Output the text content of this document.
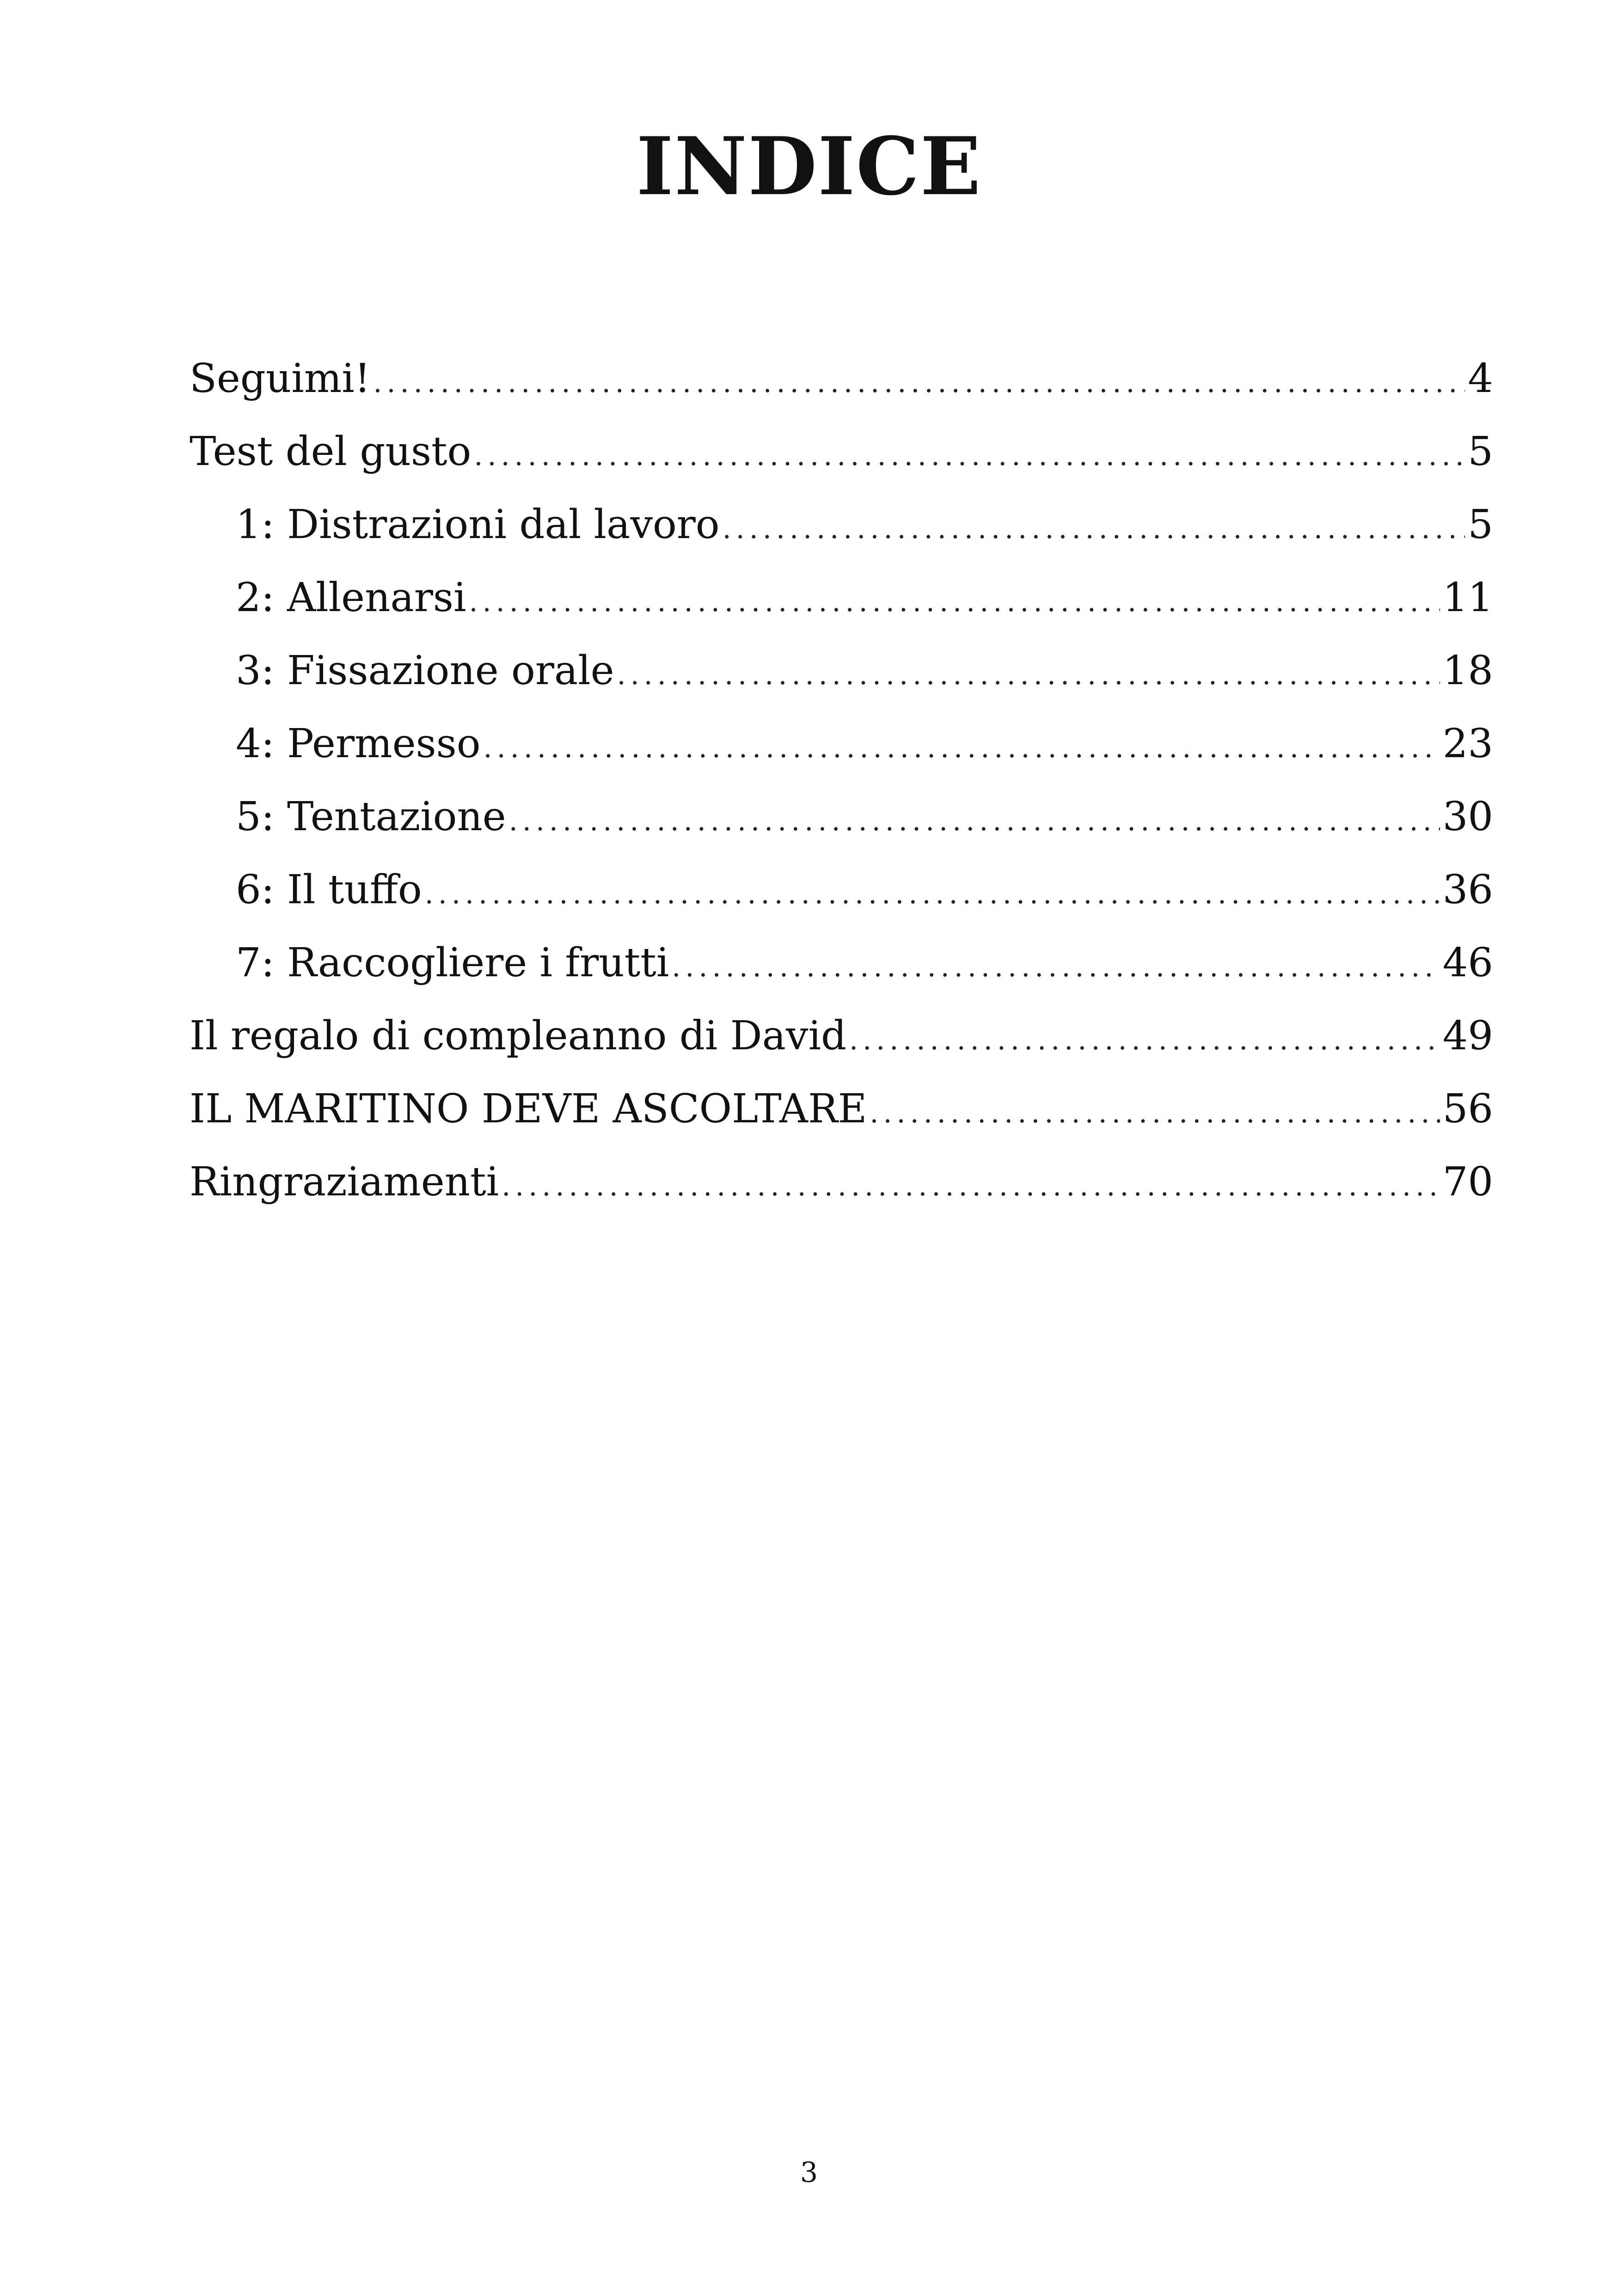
INDICE
Seguimi! .....	4
Test del gusto .....	5
1: Distrazioni dal lavoro .....	5
2: Allenarsi .....	11
3: Fissazione orale .....	18
4: Permesso .....	23
5: Tentazione .....	30
6: Il tuffo .....	36
7: Raccogliere i frutti .....	46
Il regalo di compleanno di David .....	49
IL MARITINO DEVE ASCOLTARE .....	56
Ringraziamenti .....	70
3
